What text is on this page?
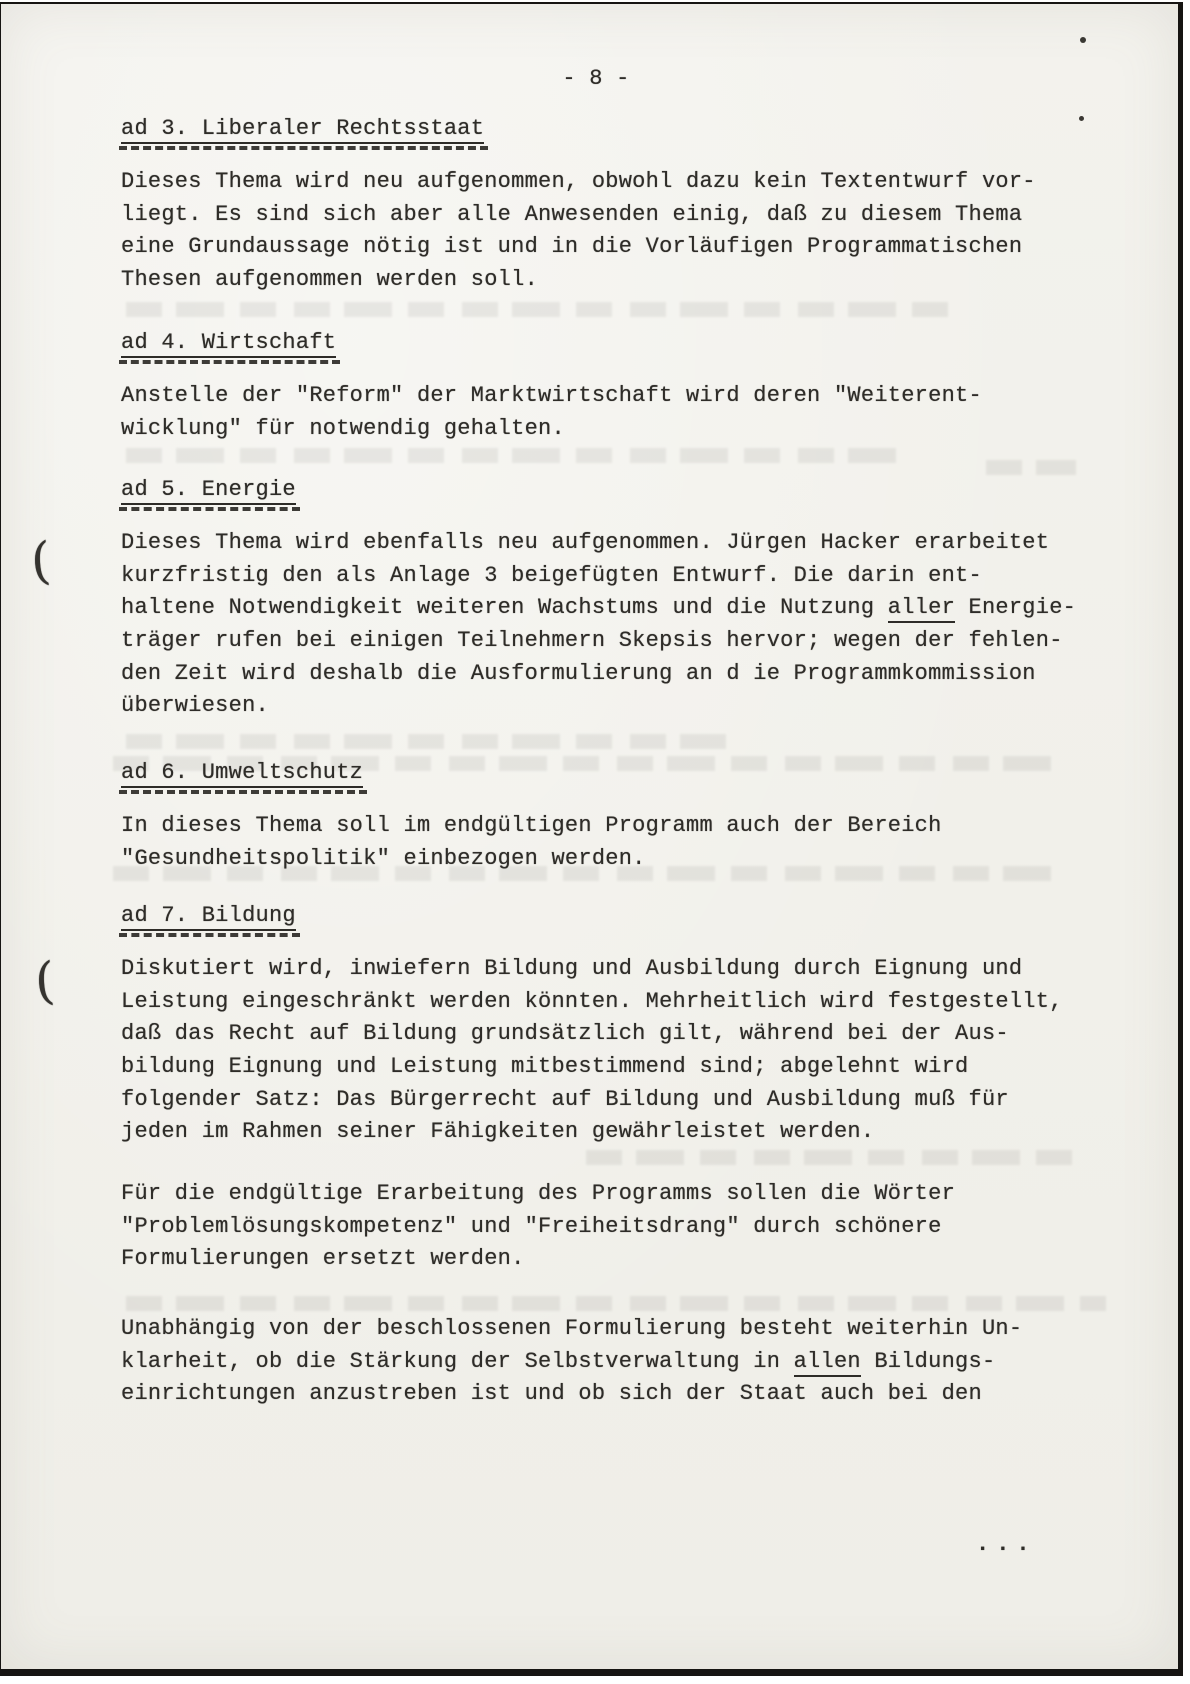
- 8 -
(
(
ad 3. Liberaler Rechtsstaat
Dieses Thema wird neu aufgenommen, obwohl dazu kein Textentwurf vor-
liegt. Es sind sich aber alle Anwesenden einig, daß zu diesem Thema
eine Grundaussage nötig ist und in die Vorläufigen Programmatischen
Thesen aufgenommen werden soll.
ad 4. Wirtschaft
Anstelle der "Reform" der Marktwirtschaft wird deren "Weiterent-
wicklung" für notwendig gehalten.
ad 5. Energie
Dieses Thema wird ebenfalls neu aufgenommen. Jürgen Hacker erarbeitet
kurzfristig den als Anlage 3 beigefügten Entwurf. Die darin ent-
haltene Notwendigkeit weiteren Wachstums und die Nutzung aller Energie-
träger rufen bei einigen Teilnehmern Skepsis hervor; wegen der fehlen-
den Zeit wird deshalb die Ausformulierung an d ie Programmkommission
überwiesen.
ad 6. Umweltschutz
In dieses Thema soll im endgültigen Programm auch der Bereich
"Gesundheitspolitik" einbezogen werden.
ad 7. Bildung
Diskutiert wird, inwiefern Bildung und Ausbildung durch Eignung und
Leistung eingeschränkt werden könnten. Mehrheitlich wird festgestellt,
daß das Recht auf Bildung grundsätzlich gilt, während bei der Aus-
bildung Eignung und Leistung mitbestimmend sind; abgelehnt wird
folgender Satz: Das Bürgerrecht auf Bildung und Ausbildung muß für
jeden im Rahmen seiner Fähigkeiten gewährleistet werden.
Für die endgültige Erarbeitung des Programms sollen die Wörter
"Problemlösungskompetenz" und "Freiheitsdrang" durch schönere
Formulierungen ersetzt werden.
Unabhängig von der beschlossenen Formulierung besteht weiterhin Un-
klarheit, ob die Stärkung der Selbstverwaltung in allen Bildungs-
einrichtungen anzustreben ist und ob sich der Staat auch bei den
...
